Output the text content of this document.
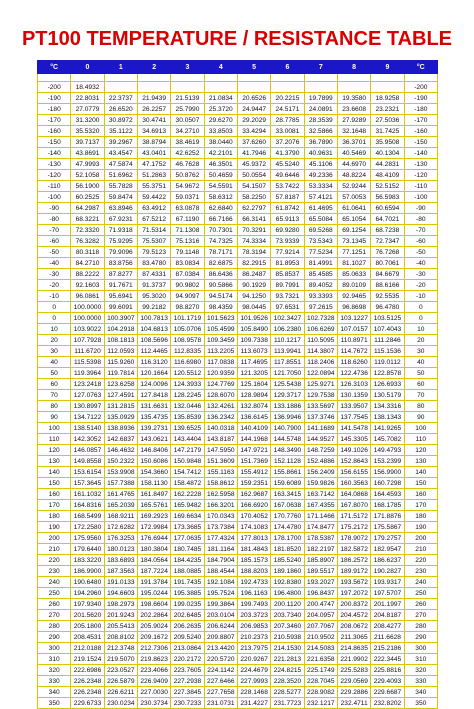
PT100 TEMPERATURE / RESISTANCE TABLE
°C	0	1	2	3	4	5	6	7	8	9	°C

-200	18.4932										-200
-190	22.8031	22.3737	21.9439	21.5139	21.0834	20.6526	20.2215	19.7899	19.3580	18.9258	-190
-180	27.0779	26.6520	26.2257	25.7990	25.3720	24.9447	24.5171	24.0891	23.6608	23.2321	-180
-170	31.3200	30.8972	30.4741	30.0507	29.6270	29.2029	28.7785	28.3539	27.9289	27.5036	-170
-160	35.5320	35.1122	34.6913	34.2710	33.8503	33.4294	33.0081	32.5866	32.1648	31.7425	-160
-150	39.7137	39.2967	38.8794	38.4619	38.0440	37.6260	37.2076	36.7890	36.3701	35.9508	-150
-140	43.8691	43.4547	43.0401	42.6252	42.2101	41.7946	41.3790	40.9631	40.5469	40.1304	-140
-130	47.9993	47.5874	47.1752	46.7628	46.3501	45.9372	45.5240	45.1106	44.6970	44.2831	-130
-120	52.1058	51.6962	51.2863	50.8762	50.4659	50.0554	49.6446	49.2336	48.8224	48.4109	-120
-110	56.1900	55.7828	55.3751	54.9672	54.5591	54.1507	53.7422	53.3334	52.9244	52.5152	-110
-100	60.2525	59.8474	59.4422	59.0371	58.6312	58.2250	57.8187	57.4121	57.0053	56.5983	-100
-90	64.2987	63.8946	63.4912	63.0878	62.6840	62.2797	61.8742	61.4695	61.0641	60.6594	-90
-80	68.3221	67.9231	67.5212	67.1190	66.7166	66.3141	65.9113	65.5084	65.1054	64.7021	-80
-70	72.3320	71.9318	71.5314	71.1308	70.7301	70.3291	69.9280	69.5268	69.1254	68.7238	-70
-60	76.3282	75.9295	75.5307	75.1316	74.7325	74.3334	73.9339	73.5343	73.1345	72.7347	-60
-50	80.3118	79.9096	79.5123	79.1148	78.7171	78.3194	77.9214	77.5234	77.1251	76.7268	-50
-40	84.2710	83.8756	83.4780	83.0834	82.6875	82.2915	81.8953	81.4991	81.1027	80.7061	-40
-30	88.2222	87.8277	87.4331	87.0384	86.6436	86.2487	85.8537	85.4585	85.0633	84.6679	-30
-20	92.1603	91.7671	91.3737	90.9802	90.5866	90.1929	89.7991	89.4052	89.0109	88.6166	-20
-10	96.0861	95.6941	95.3020	94.9097	94.5174	94.1250	93.7321	93.3393	92.9465	92.5535	-10
0	100.0000	99.6091	99.2182	98.8270	98.4359	98.0445	97.6531	97.2615	96.8698	96.4780	0
0	100.0000	100.3907	100.7813	101.1719	101.5623	101.9526	102.3427	102.7328	103.1227	103.5125	0
10	103.9022	104.2918	104.6813	105.0706	105.4599	105.8490	106.2380	106.6269	107.0157	107.4043	10
20	107.7928	108.1813	108.5696	108.9578	109.3459	109.7338	110.1217	110.5095	110.8971	111.2846	20
30	111.6720	112.0593	112.4465	112.8335	113.2205	113.6073	113.9941	114.3807	114.7672	115.1536	30
40	115.5398	115.9260	116.3120	116.6980	117.0838	117.4695	117.8551	118.2406	118.6260	119.0112	40
50	119.3964	119.7814	120.1664	120.5512	120.9359	121.3205	121.7050	122.0894	122.4736	122.8578	50
60	123.2418	123.6258	124.0096	124.3933	124.7769	125.1604	125.5438	125.9271	126.3103	126.6933	60
70	127.0763	127.4591	127.8418	128.2245	128.6070	128.9894	129.3717	129.7538	130.1359	130.5179	70
80	130.8997	131.2815	131.6631	132.0446	132.4261	132.8074	133.1886	133.5697	133.9507	134.3316	80
90	134.7122	135.0929	135.4735	135.8539	136.2342	136.6145	136.9946	137.3746	137.7545	138.1343	90
100	138.5140	138.8936	139.2731	139.6525	140.0318	140.4109	140.7900	141.1689	141.5478	141.9265	100
110	142.3052	142.6837	143.0621	143.4404	143.8187	144.1968	144.5748	144.9527	145.3305	145.7082	110
120	146.0857	146.4632	146.8406	147.2179	147.5950	147.9721	148.3490	148.7259	149.1026	149.4793	120
130	149.8558	150.2322	150.6086	150.9848	151.3609	151.7369	152.1128	152.4886	152.8643	153.2399	130
140	153.6154	153.9908	154.3660	154.7412	155.1163	155.4912	155.8661	156.2409	156.6155	156.9900	140
150	157.3645	157.7388	158.1130	158.4872	158.8612	159.2351	159.6089	159.9826	160.3563	160.7298	150
160	161.1032	161.4765	161.8497	162.2228	162.5958	162.9687	163.3415	163.7142	164.0868	164.4593	160
170	164.8316	165.2039	165.5761	165.9482	166.3201	166.6920	167.0638	167.4355	167.8070	168.1785	170
180	168.5499	168.9211	169.2923	169.6634	170.0343	170.4052	170.7760	171.1466	171.5172	171.8876	180
190	172.2580	172.6282	172.9984	173.3685	173.7384	174.1083	174.4780	174.8477	175.2172	175.5867	190
200	175.9560	176.3253	176.6944	177.0635	177.4324	177.8013	178.1700	178.5387	178.9072	179.2757	200
210	179.6440	180.0123	180.3804	180.7485	181.1164	181.4843	181.8520	182.2197	182.5872	182.9547	210
220	183.3220	183.6893	184.0564	184.4235	184.7904	185.1573	185.5240	185.8907	186.2572	186.6237	220
230	186.9900	187.3563	187.7224	188.0885	188.4544	188.8203	189.1860	189.5517	189.9172	190.2827	230
240	190.6480	191.0133	191.3784	191.7435	192.1084	192.4733	192.8380	193.2027	193.5672	193.9317	240
250	194.2960	194.6603	195.0244	195.3885	195.7524	196.1163	196.4800	196.8437	197.2072	197.5707	250
260	197.9340	198.2973	198.6604	199.0235	199.3864	199.7493	200.1120	200.4747	200.8372	201.1997	260
270	201.5620	201.9243	202.2864	202.6485	203.0104	203.3723	203.7340	204.0957	204.4572	204.8187	270
280	205.1800	205.5413	205.9024	206.2635	206.6244	206.9853	207.3460	207.7067	208.0672	208.4277	280
290	208.4531	208.8102	209.1672	209.5240	209.8807	210.2373	210.5938	210.9502	211.3065	211.6628	290
300	212.0188	212.3748	212.7306	213.0864	213.4420	213.7975	214.1530	214.5083	214.8635	215.2186	300
310	219.1524	219.5070	219.8623	220.2172	220.5720	220.9267	221.2813	221.6358	221.9902	222.3445	310
320	222.6986	223.0527	223.4066	223.7605	224.1142	224.4679	224.8215	225.1749	225.5283	225.8816	320
330	226.2348	226.5879	226.9409	227.2938	227.6466	227.9993	228.3520	228.7045	229.0569	229.4093	330
340	226.2348	226.6211	227.0030	227.3845	227.7658	228.1468	228.5277	228.9082	229.2886	229.6687	340
350	229.6733	230.0234	230.3734	230.7233	231.0731	231.4227	231.7723	232.1217	232.4711	232.8202	350
